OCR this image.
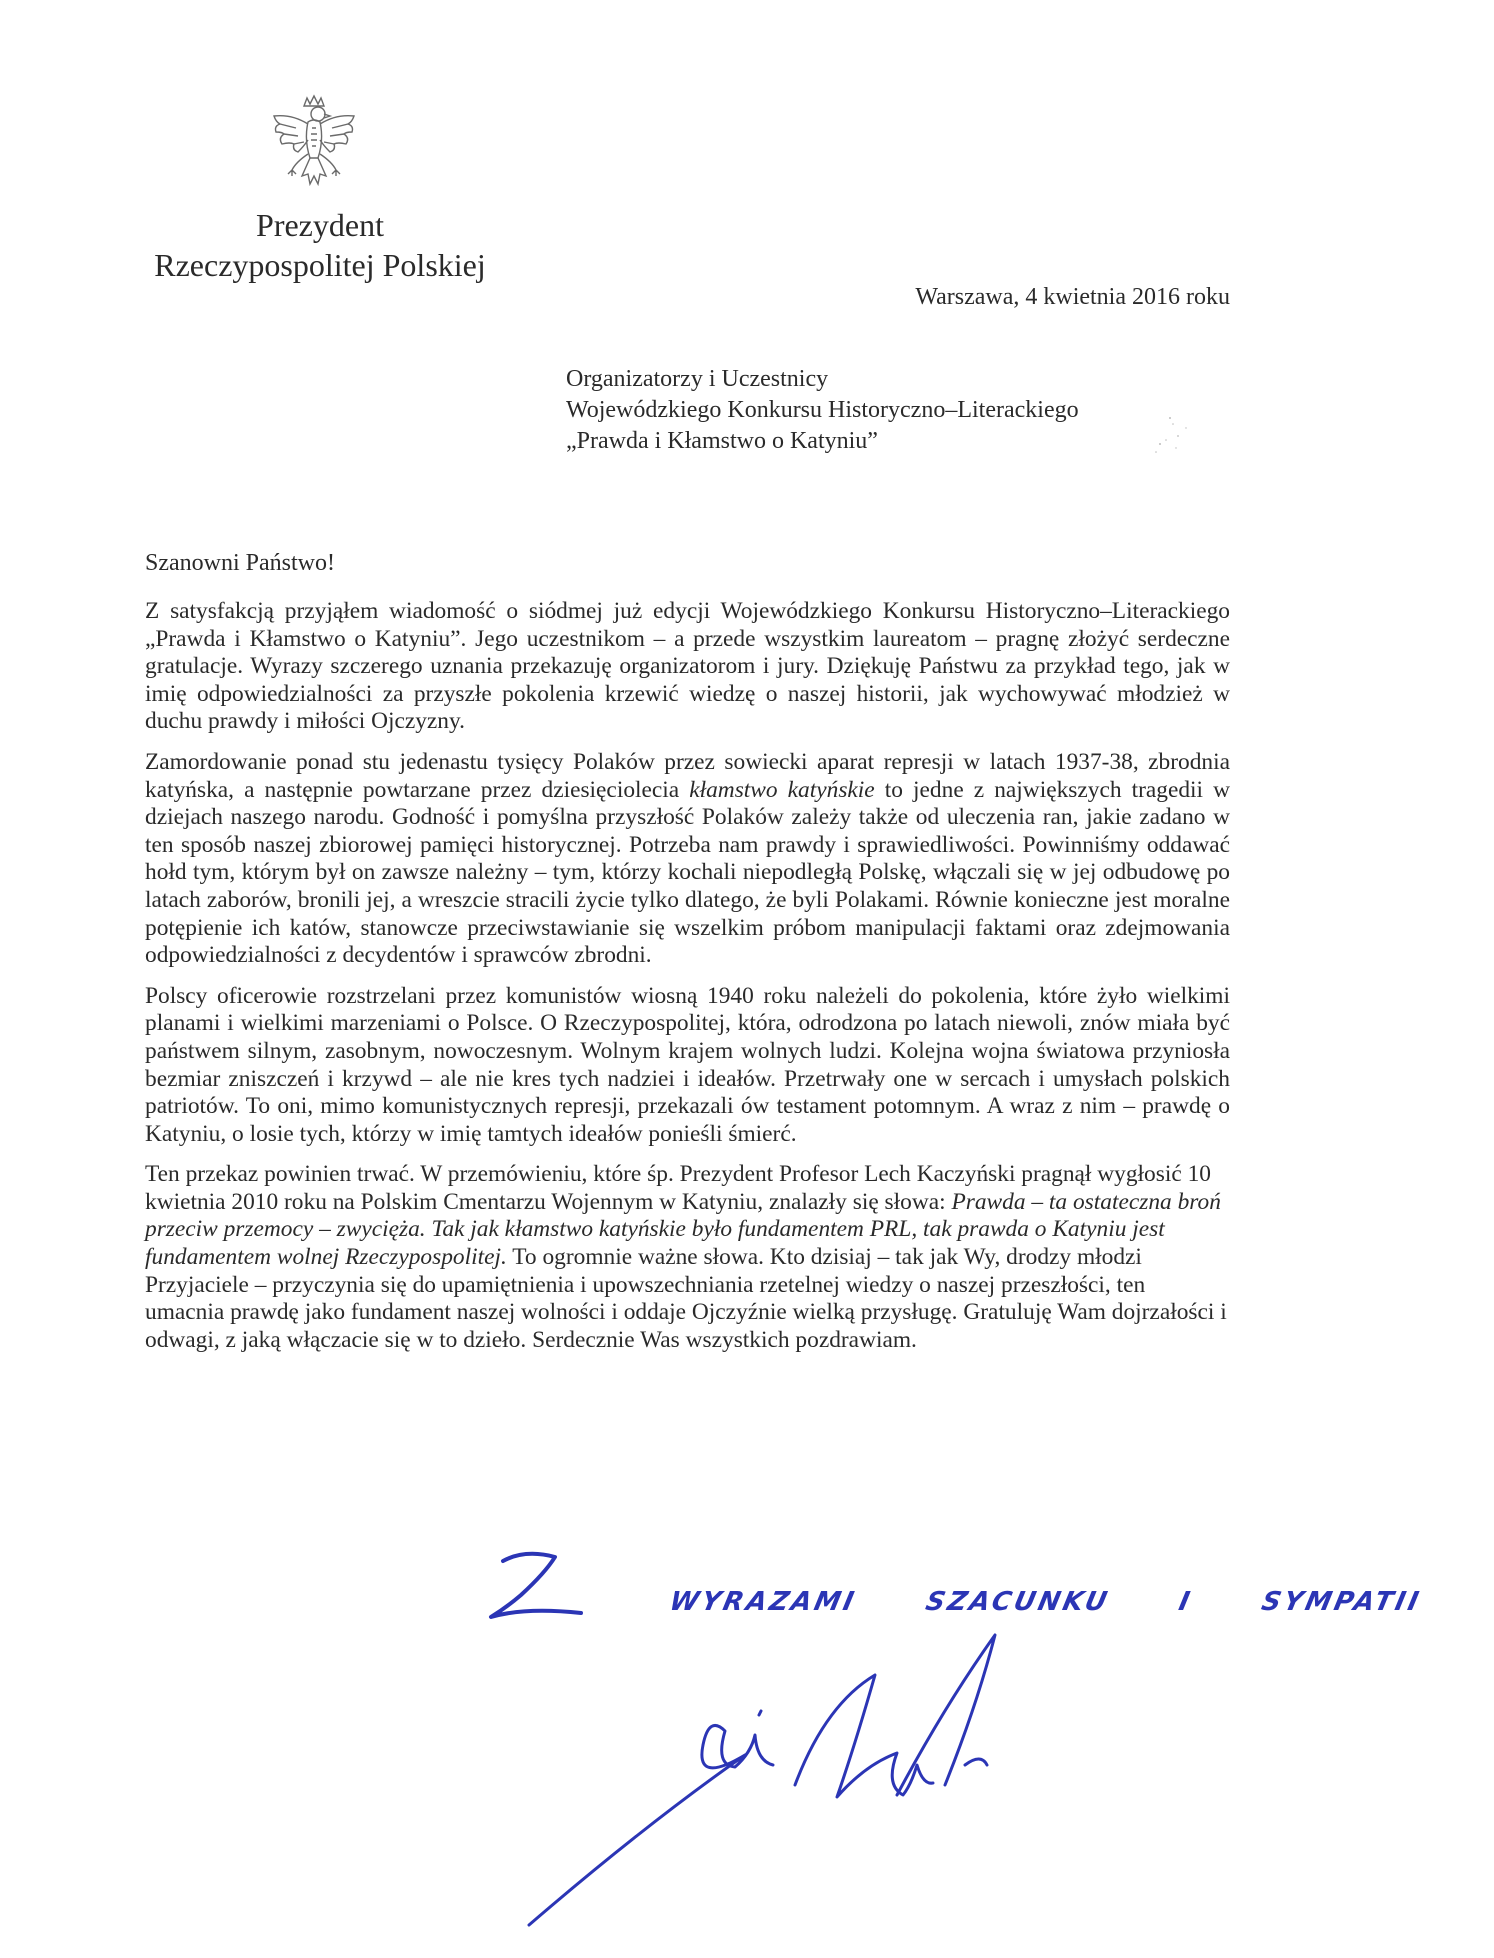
Prezydent
Rzeczypospolitej Polskiej
Warszawa, 4 kwietnia 2016 roku
Organizatorzy i Uczestnicy
Wojewódzkiego Konkursu Historyczno–Literackiego
„Prawda i Kłamstwo o Katyniu”
Szanowni Państwo!

Z satysfakcją przyjąłem wiadomość o siódmej już edycji Wojewódzkiego Konkursu Historyczno–Literackiego „Prawda i Kłamstwo o Katyniu”. Jego uczestnikom – a przede wszystkim laureatom – pragnę złożyć serdeczne gratulacje. Wyrazy szczerego uznania przekazuję organizatorom i jury. Dziękuję Państwu za przykład tego, jak w imię odpowiedzialności za przyszłe pokolenia krzewić wiedzę o naszej historii, jak wychowywać młodzież w duchu prawdy i miłości Ojczyzny.

Zamordowanie ponad stu jedenastu tysięcy Polaków przez sowiecki aparat represji w latach 1937-38, zbrodnia katyńska, a następnie powtarzane przez dziesięciolecia kłamstwo katyńskie to jedne z największych tragedii w dziejach naszego narodu. Godność i pomyślna przyszłość Polaków zależy także od uleczenia ran, jakie zadano w ten sposób naszej zbiorowej pamięci historycznej. Potrzeba nam prawdy i sprawiedliwości. Powinniśmy oddawać hołd tym, którym był on zawsze należny – tym, którzy kochali niepodległą Polskę, włączali się w jej odbudowę po latach zaborów, bronili jej, a wreszcie stracili życie tylko dlatego, że byli Polakami. Równie konieczne jest moralne potępienie ich katów, stanowcze przeciwstawianie się wszelkim próbom manipulacji faktami oraz zdejmowania odpowiedzialności z decydentów i sprawców zbrodni.

Polscy oficerowie rozstrzelani przez komunistów wiosną 1940 roku należeli do pokolenia, które żyło wielkimi planami i wielkimi marzeniami o Polsce. O Rzeczypospolitej, która, odrodzona po latach niewoli, znów miała być państwem silnym, zasobnym, nowoczesnym. Wolnym krajem wolnych ludzi. Kolejna wojna światowa przyniosła bezmiar zniszczeń i krzywd – ale nie kres tych nadziei i ideałów. Przetrwały one w sercach i umysłach polskich patriotów. To oni, mimo komunistycznych represji, przekazali ów testament potomnym. A wraz z nim – prawdę o Katyniu, o losie tych, którzy w imię tamtych ideałów ponieśli śmierć.

Ten przekaz powinien trwać. W przemówieniu, które śp. Prezydent Profesor Lech Kaczyński pragnął wygłosić 10 kwietnia 2010 roku na Polskim Cmentarzu Wojennym w Katyniu, znalazły się słowa: Prawda – ta ostateczna broń przeciw przemocy – zwycięża. Tak jak kłamstwo katyńskie było fundamentem PRL, tak prawda o Katyniu jest fundamentem wolnej Rzeczypospolitej. To ogromnie ważne słowa. Kto dzisiaj – tak jak Wy, drodzy młodzi Przyjaciele – przyczynia się do upamiętnienia i upowszechniania rzetelnej wiedzy o naszej przeszłości, ten umacnia prawdę jako fundament naszej wolności i oddaje Ojczyźnie wielką przysługę. Gratuluję Wam dojrzałości i odwagi, z jaką włączacie się w to dzieło. Serdecznie Was wszystkich pozdrawiam.

WYRAZAMI SZACUNKU I SYMPATII
